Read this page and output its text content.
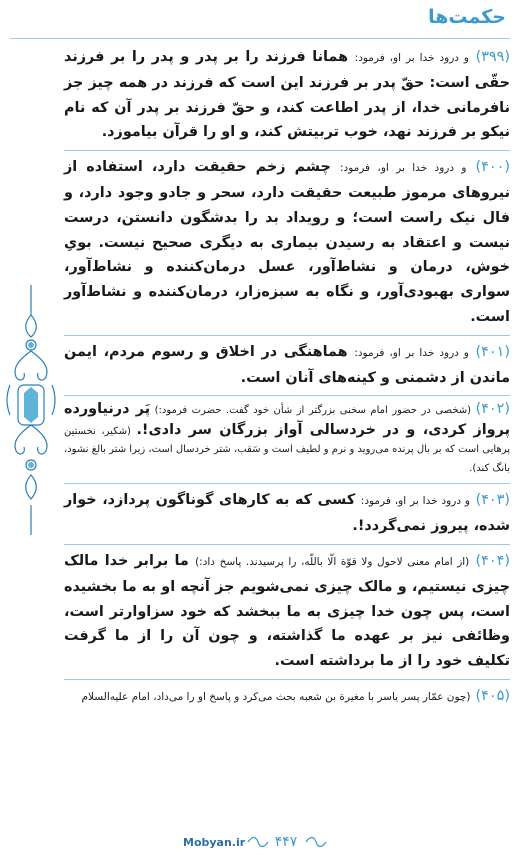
حکمت‌ها
(۳۹۹) و درود خدا بر او، فرمود: همانا فرزند را بر پدر و پدر را بر فرزند حقّی است: حقّ پدر بر فرزند این است که فرزند در همه چیز جز نافرمانی خدا، از پدر اطاعت کند، و حقّ فرزند بر پدر آن که نام نیکو بر فرزند نهد، خوب تربیتش کند، و او را قرآن بیاموزد.
(۴۰۰) و درود خدا بر او، فرمود: چشم زخم حقیقت دارد، استفاده از نیروهای مرموز طبیعت حقیقت دارد، سحر و جادو وجود دارد، و فال نیک راست است؛ و رویداد بد را بدشگون دانستن، درست نیست و اعتقاد به رسیدن بیماری به دیگری صحیح نیست. بویِ خوش، درمان و نشاط‌آور، عسل درمان‌کننده و نشاط‌آور، سواری بهبودی‌آور، و نگاه به سبزه‌زار، درمان‌کننده و نشاط‌آور است.
(۴۰۱) و درود خدا بر او، فرمود: هماهنگی در اخلاق و رسوم مردم، ایمن ماندن از دشمنی و کینه‌های آنان است.
(۴۰۲) (شخصی در حضور امام سخنی بزرگتر از شأن خود گفت. حضرت فرمود:) پَر درنیاورده پرواز کردی، و در خردسالی آواز بزرگان سر دادی!. (شکیر، نخستین پرهایی است که بر بال پرنده می‌روید و نرم و لطیف است و سَقب، شتر خردسال است، زیرا شتر بالغ نشود، بانگ کند).
(۴۰۳) و درود خدا بر او، فرمود: کسی که به کارهای گوناگون پردازد، خوار شده، پیروز نمی‌گردد!.
(۴۰۴) (از امام معنی لاحول ولا قوّة الّا باللّه، را پرسیدند. پاسخ داد:) ما برابر خدا مالک چیزی نیستیم، و مالک چیزی نمی‌شویم جز آنچه او به ما بخشیده است، پس چون خدا چیزی به ما ببخشد که خود سزاوارتر است، وظائفی نیز بر عهده ما گذاشته، و چون آن را از ما گرفت تکلیف خود را از ما برداشته است.
(۴۰۵) (چون عمّار پسر یاسر با مغیرة بن شعبه بحث می‌کرد و پاسخ او را می‌داد، امام علیه‌السلام
Mobyan.ir	۴۴۷
